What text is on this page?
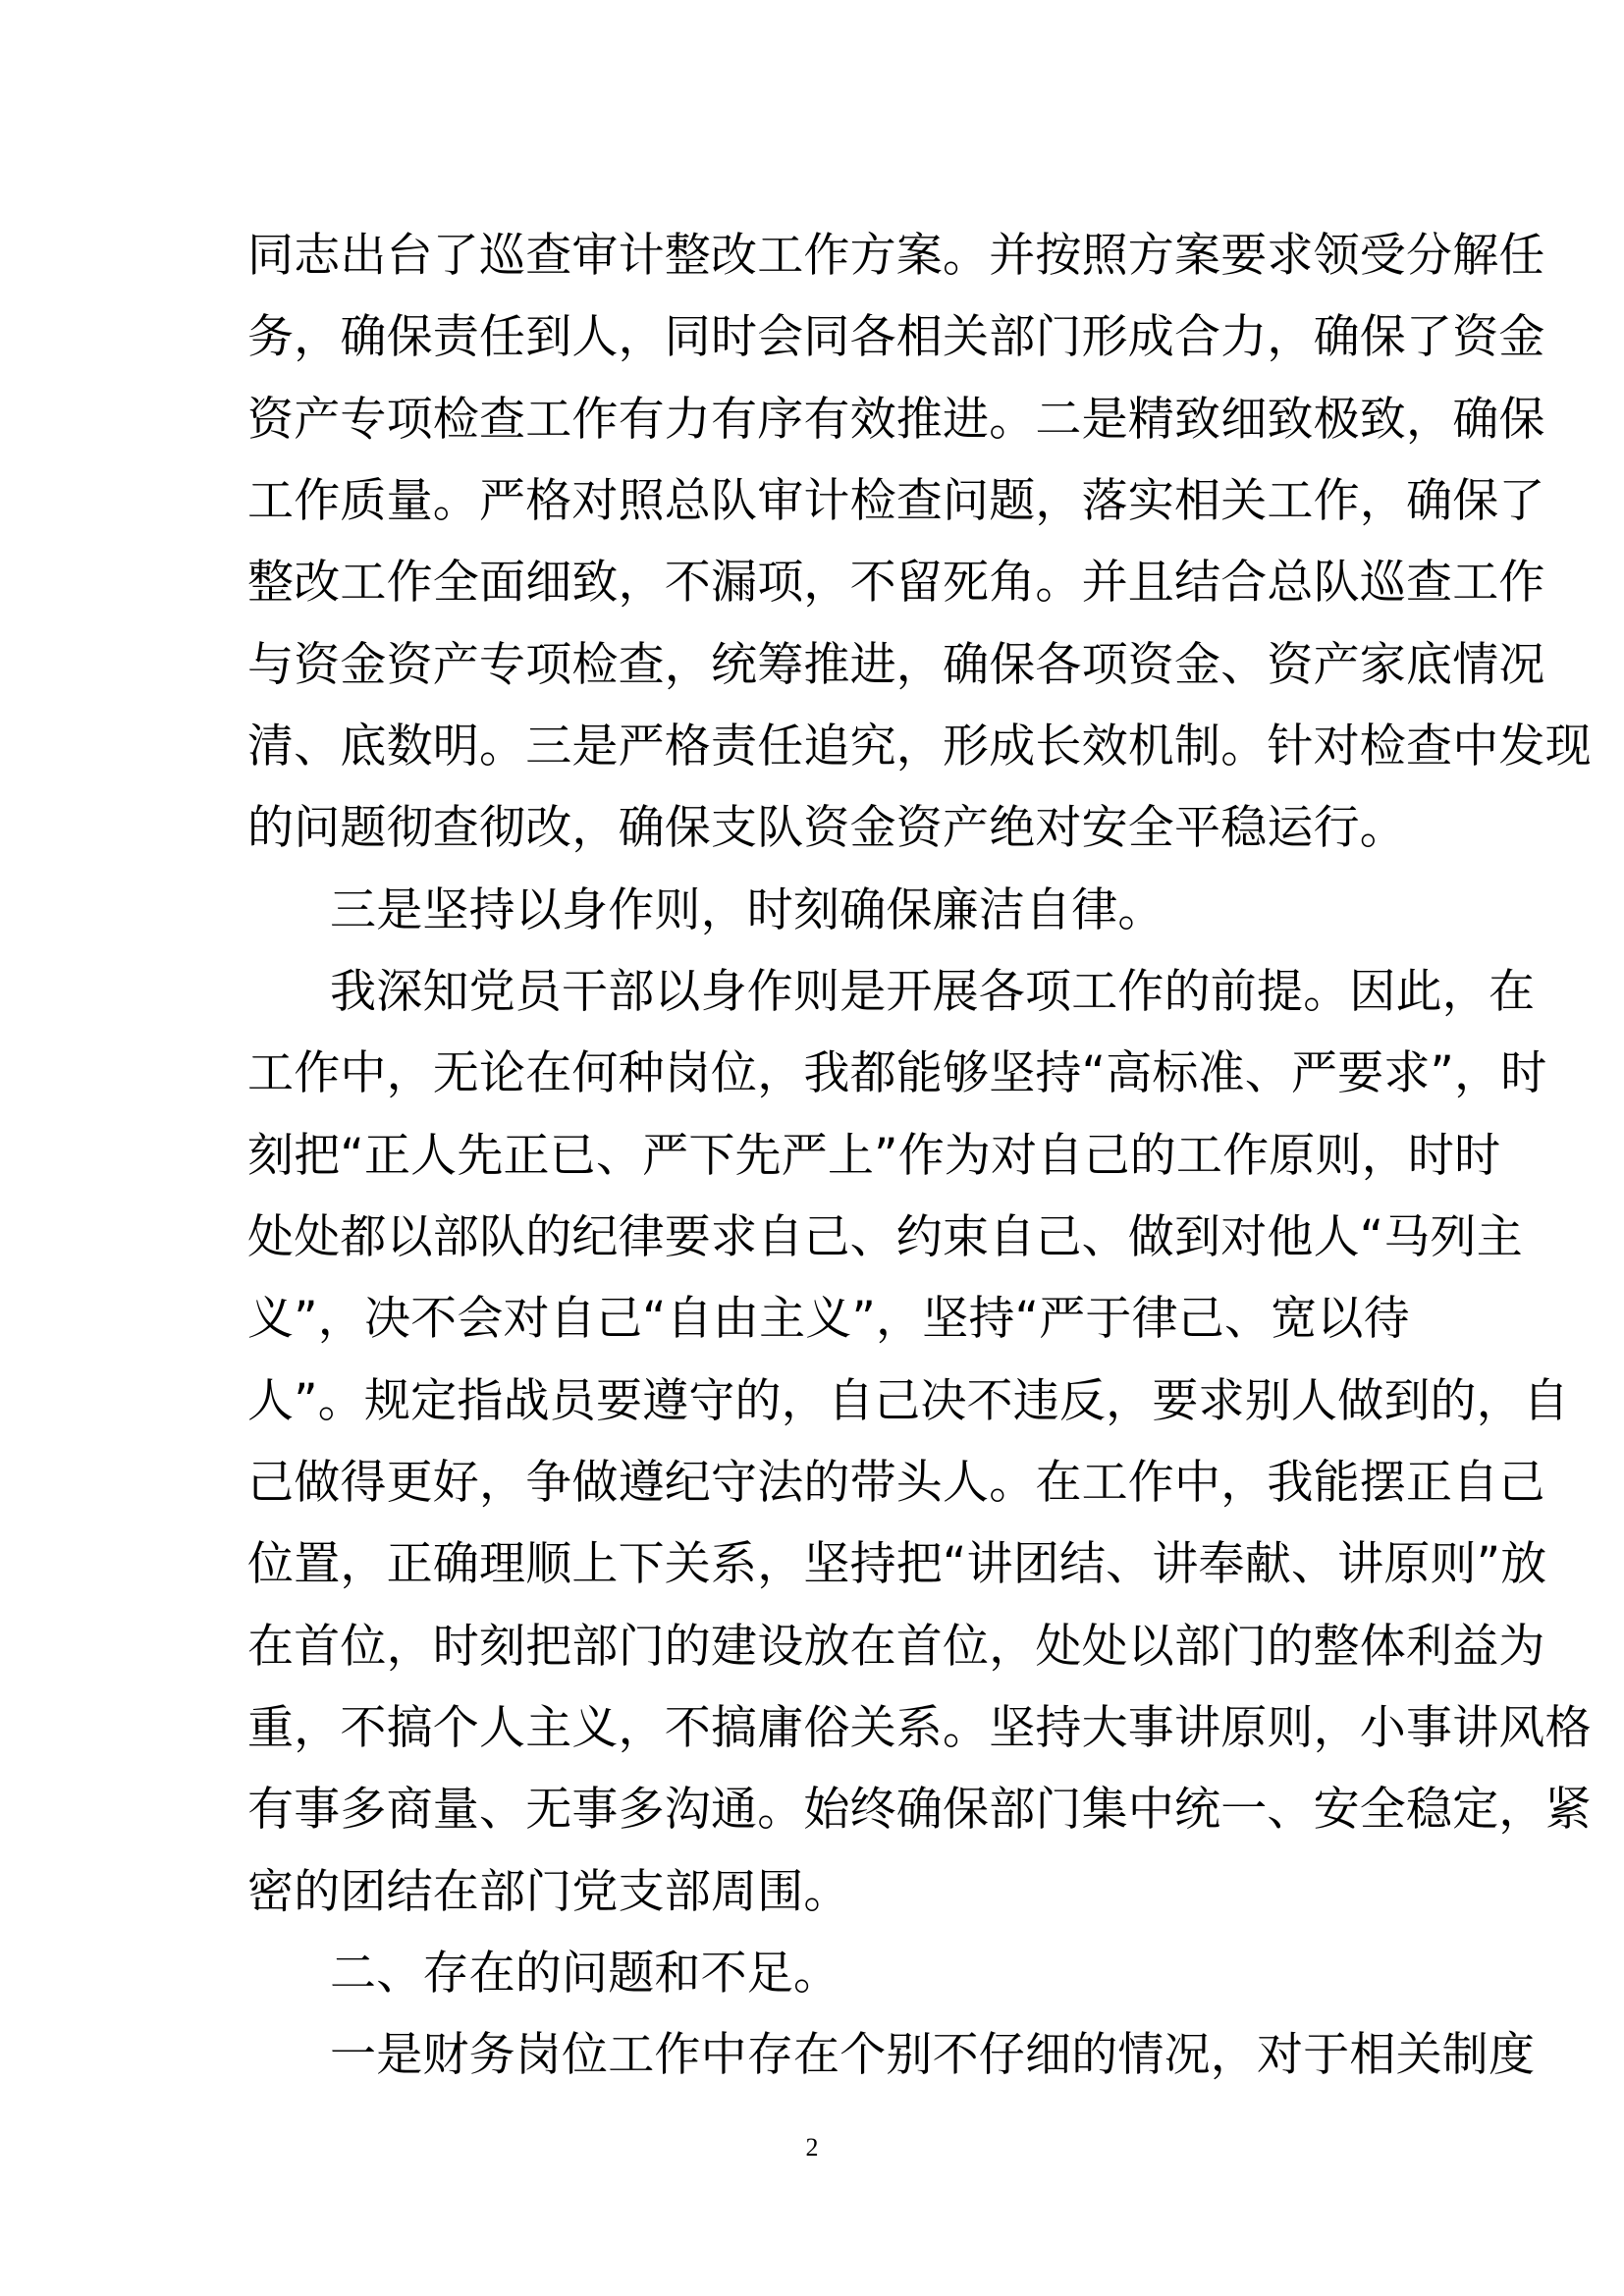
同志出台了巡查审计整改工作方案。并按照方案要求领受分解任
务，确保责任到人，同时会同各相关部门形成合力，确保了资金
资产专项检查工作有力有序有效推进。二是精致细致极致，确保
工作质量。严格对照总队审计检查问题，落实相关工作，确保了
整改工作全面细致，不漏项，不留死角。并且结合总队巡查工作
与资金资产专项检查，统筹推进，确保各项资金、资产家底情况
清、底数明。三是严格责任追究，形成长效机制。针对检查中发现
的问题彻查彻改，确保支队资金资产绝对安全平稳运行。
三是坚持以身作则，时刻确保廉洁自律。
我深知党员干部以身作则是开展各项工作的前提。因此，在
工作中，无论在何种岗位，我都能够坚持“高标准、严要求”，时
刻把“正人先正已、严下先严上”作为对自己的工作原则，时时
处处都以部队的纪律要求自己、约束自己、做到对他人“马列主
义”，决不会对自己“自由主义”，坚持“严于律己、宽以待
人”。规定指战员要遵守的，自己决不违反，要求别人做到的，自
己做得更好，争做遵纪守法的带头人。在工作中，我能摆正自己
位置，正确理顺上下关系，坚持把“讲团结、讲奉献、讲原则”放
在首位，时刻把部门的建设放在首位，处处以部门的整体利益为
重，不搞个人主义，不搞庸俗关系。坚持大事讲原则，小事讲风格
有事多商量、无事多沟通。始终确保部门集中统一、安全稳定，紧
密的团结在部门党支部周围。
二、存在的问题和不足。
一是财务岗位工作中存在个别不仔细的情况，对于相关制度
2
